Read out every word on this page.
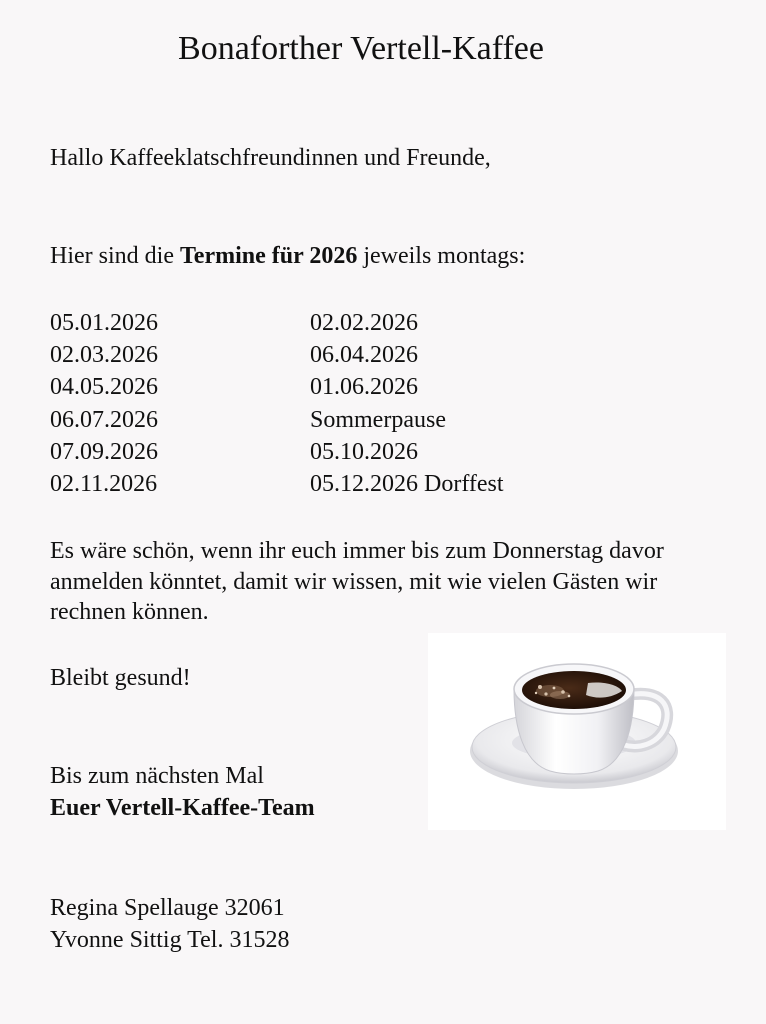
Bonaforther Vertell-Kaffee
Hallo Kaffeeklatschfreundinnen und Freunde,
Hier sind die Termine für 2026 jeweils montags:
05.01.2026	02.02.2026
02.03.2026	06.04.2026
04.05.2026	01.06.2026
06.07.2026	Sommerpause
07.09.2026	05.10.2026
02.11.2026	05.12.2026 Dorffest
Es wäre schön, wenn ihr euch immer bis zum Donnerstag davor anmelden könntet, damit wir wissen, mit wie vielen Gästen wir rechnen können.
Bleibt gesund!
Bis zum nächsten Mal
Euer Vertell-Kaffee-Team
Regina Spellauge 32061
Yvonne Sittig Tel. 31528
